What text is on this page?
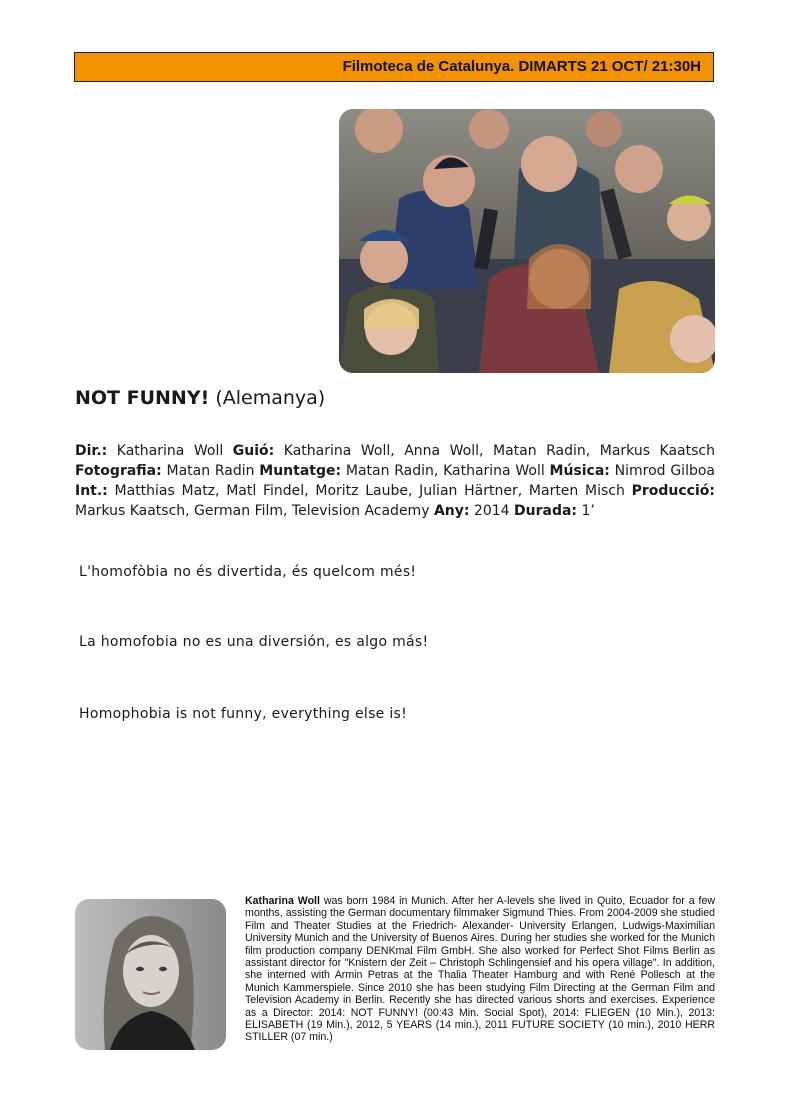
Filmoteca de Catalunya. DIMARTS 21 OCT/ 21:30H
NOT FUNNY! (Alemanya)
Dir.: Katharina Woll Guió: Katharina Woll, Anna Woll, Matan Radin, Markus Kaatsch Fotografia: Matan Radin Muntatge: Matan Radin, Katharina Woll Música: Nimrod Gilboa Int.: Matthias Matz, Matl Findel, Moritz Laube, Julian Härtner, Marten Misch Producció: Markus Kaatsch, German Film, Television Academy Any: 2014 Durada: 1’
L'homofòbia no és divertida, és quelcom més!
La homofobia no es una diversión, es algo más!
Homophobia is not funny, everything else is!
Katharina Woll was born 1984 in Munich. After her A-levels she lived in Quito, Ecuador for a few months, assisting the German documentary filmmaker Sigmund Thies. From 2004-2009 she studied Film and Theater Studies at the Friedrich- Alexander- University Erlangen, Ludwigs-Maximilian University Munich and the University of Buenos Aires. During her studies she worked for the Munich film production company DENKmal Film GmbH. She also worked for Perfect Shot Films Berlin as assistant director for "Knistern der Zeit – Christoph Schlingensief and his opera village". In addition, she interned with Armin Petras at the Thalia Theater Hamburg and with René Pollesch at the Munich Kammerspiele. Since 2010 she has been studying Film Directing at the German Film and Television Academy in Berlin. Recently she has directed various shorts and exercises. Experience as a Director: 2014: NOT FUNNY! (00:43 Min. Social Spot), 2014: FLIEGEN (10 Min.), 2013: ELISABETH (19 Min.), 2012, 5 YEARS (14 min.), 2011 FUTURE SOCIETY (10 min.), 2010 HERR STILLER (07 min.)
